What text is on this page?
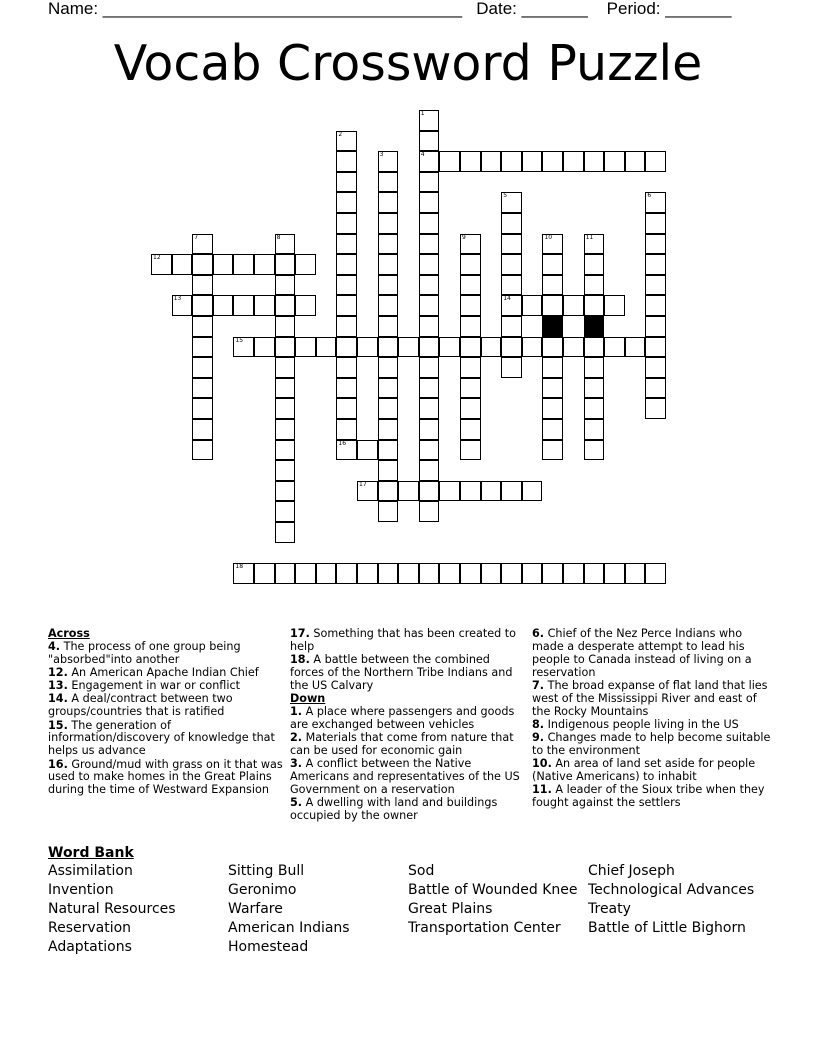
Name: ______________________________________   Date: _______    Period: _______
Vocab Crossword Puzzle
1
4
2
16
3
5
14
6
7	8	9	10	11
12
13
15
17
18
Across
4. The process of one group being "absorbed"into another
12. An American Apache Indian Chief
13. Engagement in war or conflict
14. A deal/contract between two groups/countries that is ratified
15. The generation of information/discovery of knowledge that helps us advance
16. Ground/mud with grass on it that was used to make homes in the Great Plains during the time of Westward Expansion
17. Something that has been created to help
18. A battle between the combined forces of the Northern Tribe Indians and the US Calvary
Down
1. A place where passengers and goods are exchanged between vehicles
2. Materials that come from nature that can be used for economic gain
3. A conflict between the Native Americans and representatives of the US Government on a reservation
5. A dwelling with land and buildings occupied by the owner
6. Chief of the Nez Perce Indians who made a desperate attempt to lead his people to Canada instead of living on a reservation
7. The broad expanse of flat land that lies west of the Mississippi River and east of the Rocky Mountains
8. Indigenous people living in the US
9. Changes made to help become suitable to the environment
10. An area of land set aside for people (Native Americans) to inhabit
11. A leader of the Sioux tribe when they fought against the settlers
Word Bank
Assimilation
Invention
Natural Resources
Reservation
Adaptations
Sitting Bull
Geronimo
Warfare
American Indians
Homestead
Sod
Battle of Wounded Knee
Great Plains
Transportation Center
Chief Joseph
Technological Advances
Treaty
Battle of Little Bighorn
